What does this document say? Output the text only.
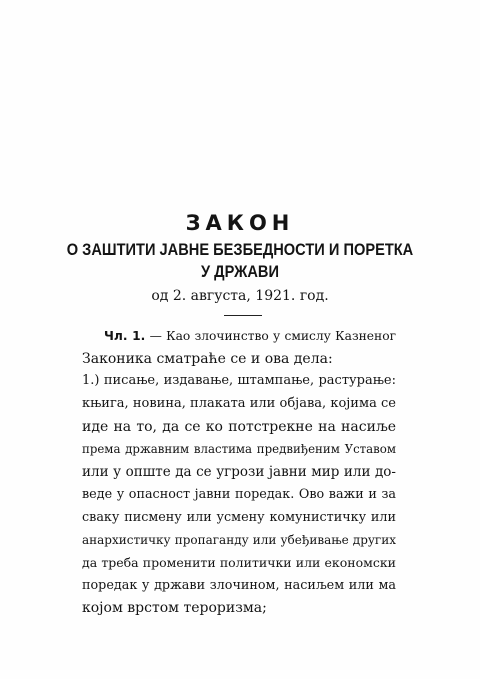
ЗАКОН
О ЗАШТИТИ ЈАВНЕ БЕЗБЕДНОСТИ И ПОРЕТКА
У ДРЖАВИ
од 2. августа, 1921. год.
Чл. 1. — Као злочинство у смислу Казненог
Законика сматраће се и ова дела:
1.) писање, издавање, штампање, растурање:
књига, новина, плаката или објава, којима се
иде на то, да се ко потстрекне на насиље
према државним властима предвиђеним Уставом
или у опште да се угрози јавни мир или до-
веде у опасност јавни поредак. Ово важи и за
сваку писмену или усмену комунистичку или
анархистичку пропаганду или убеђивање других
да треба променити политички или економски
поредак у држави злочином, насиљем или ма
којом врстом тероризма;
